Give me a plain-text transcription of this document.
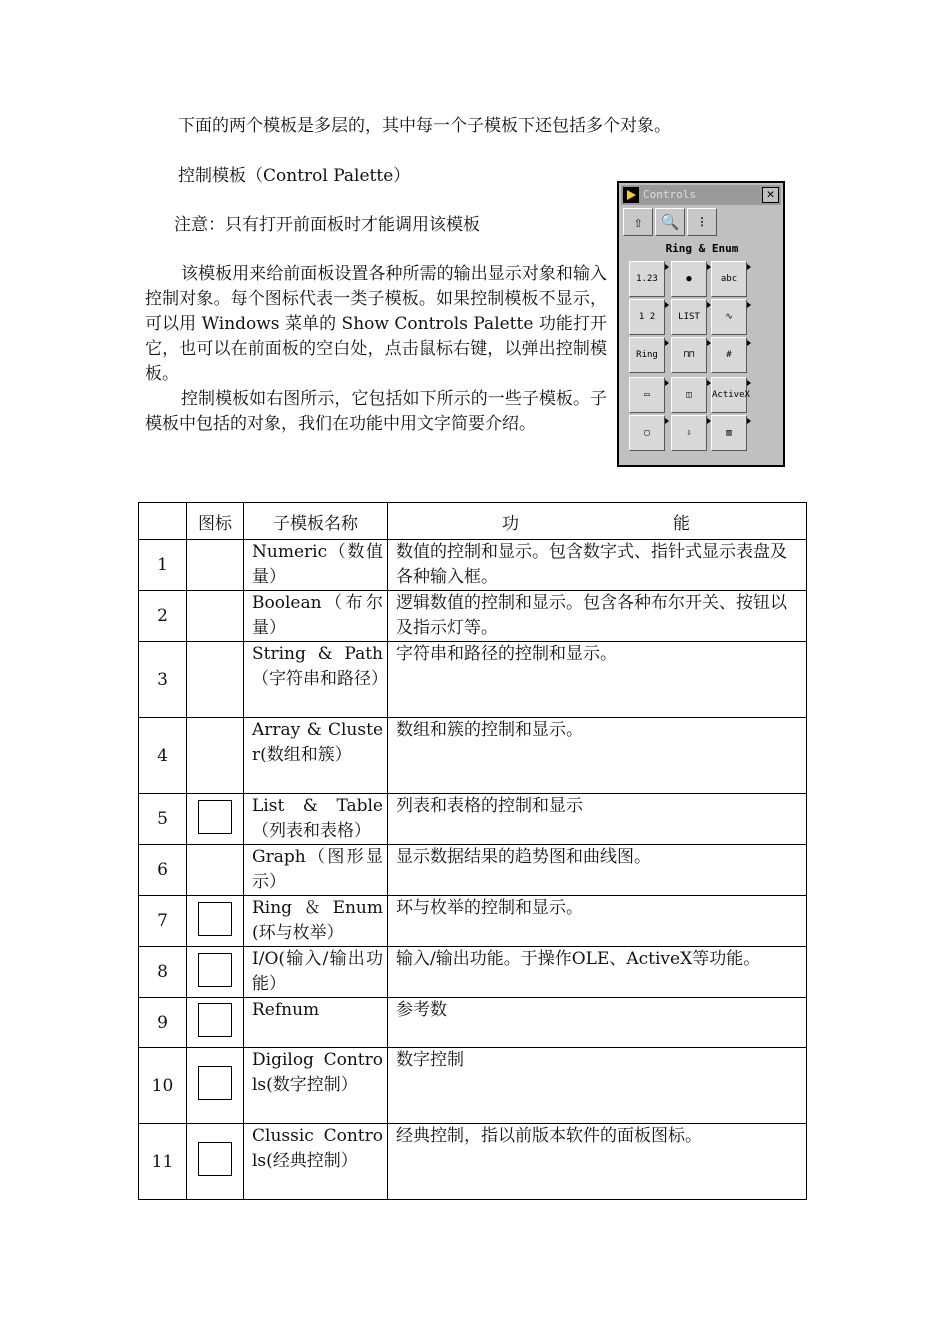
下面的两个模板是多层的，其中每一个子模板下还包括多个对象。

控制模板（Control Palette）

注意：只有打开前面板时才能调用该模板

该模板用来给前面板设置各种所需的输出显示对象和输入控制对象。每个图标代表一类子模板。如果控制模板不显示，可以用 Windows 菜单的 Show Controls Palette 功能打开它，也可以在前面板的空白处，点击鼠标右键，以弹出控制模板。

控制模板如右图所示，它包括如下所示的一些子模板。子模板中包括的对象，我们在功能中用文字简要介绍。

Controls	✕
⇧	🔍	⁝
Ring & Enum
1.23	●	abc
1 2	LIST	∿
Ring	⊓⊓	#
▭	◫	ActiveX
▢	⇩	▥
	图标	子模板名称	功 能

1		Numeric（数值量）	数值的控制和显示。包含数字式、指针式显示表盘及各种输入框。
2		Boolean（布尔量）	逻辑数值的控制和显示。包含各种布尔开关、按钮以及指示灯等。
3		String & Path（字符串和路径）	字符串和路径的控制和显示。
4		Array & Cluster(数组和簇）	数组和簇的控制和显示。
5		List & Table（列表和表格）	列表和表格的控制和显示
6		Graph（图形显示）	显示数据结果的趋势图和曲线图。
7		Ring＆Enum(环与枚举）	环与枚举的控制和显示。
8		I/O(输入/输出功能）	输入/输出功能。于操作OLE、ActiveX等功能。
9		Refnum	参考数
10		Digilog Controls(数字控制）	数字控制
11		Clussic Controls(经典控制）	经典控制，指以前版本软件的面板图标。
